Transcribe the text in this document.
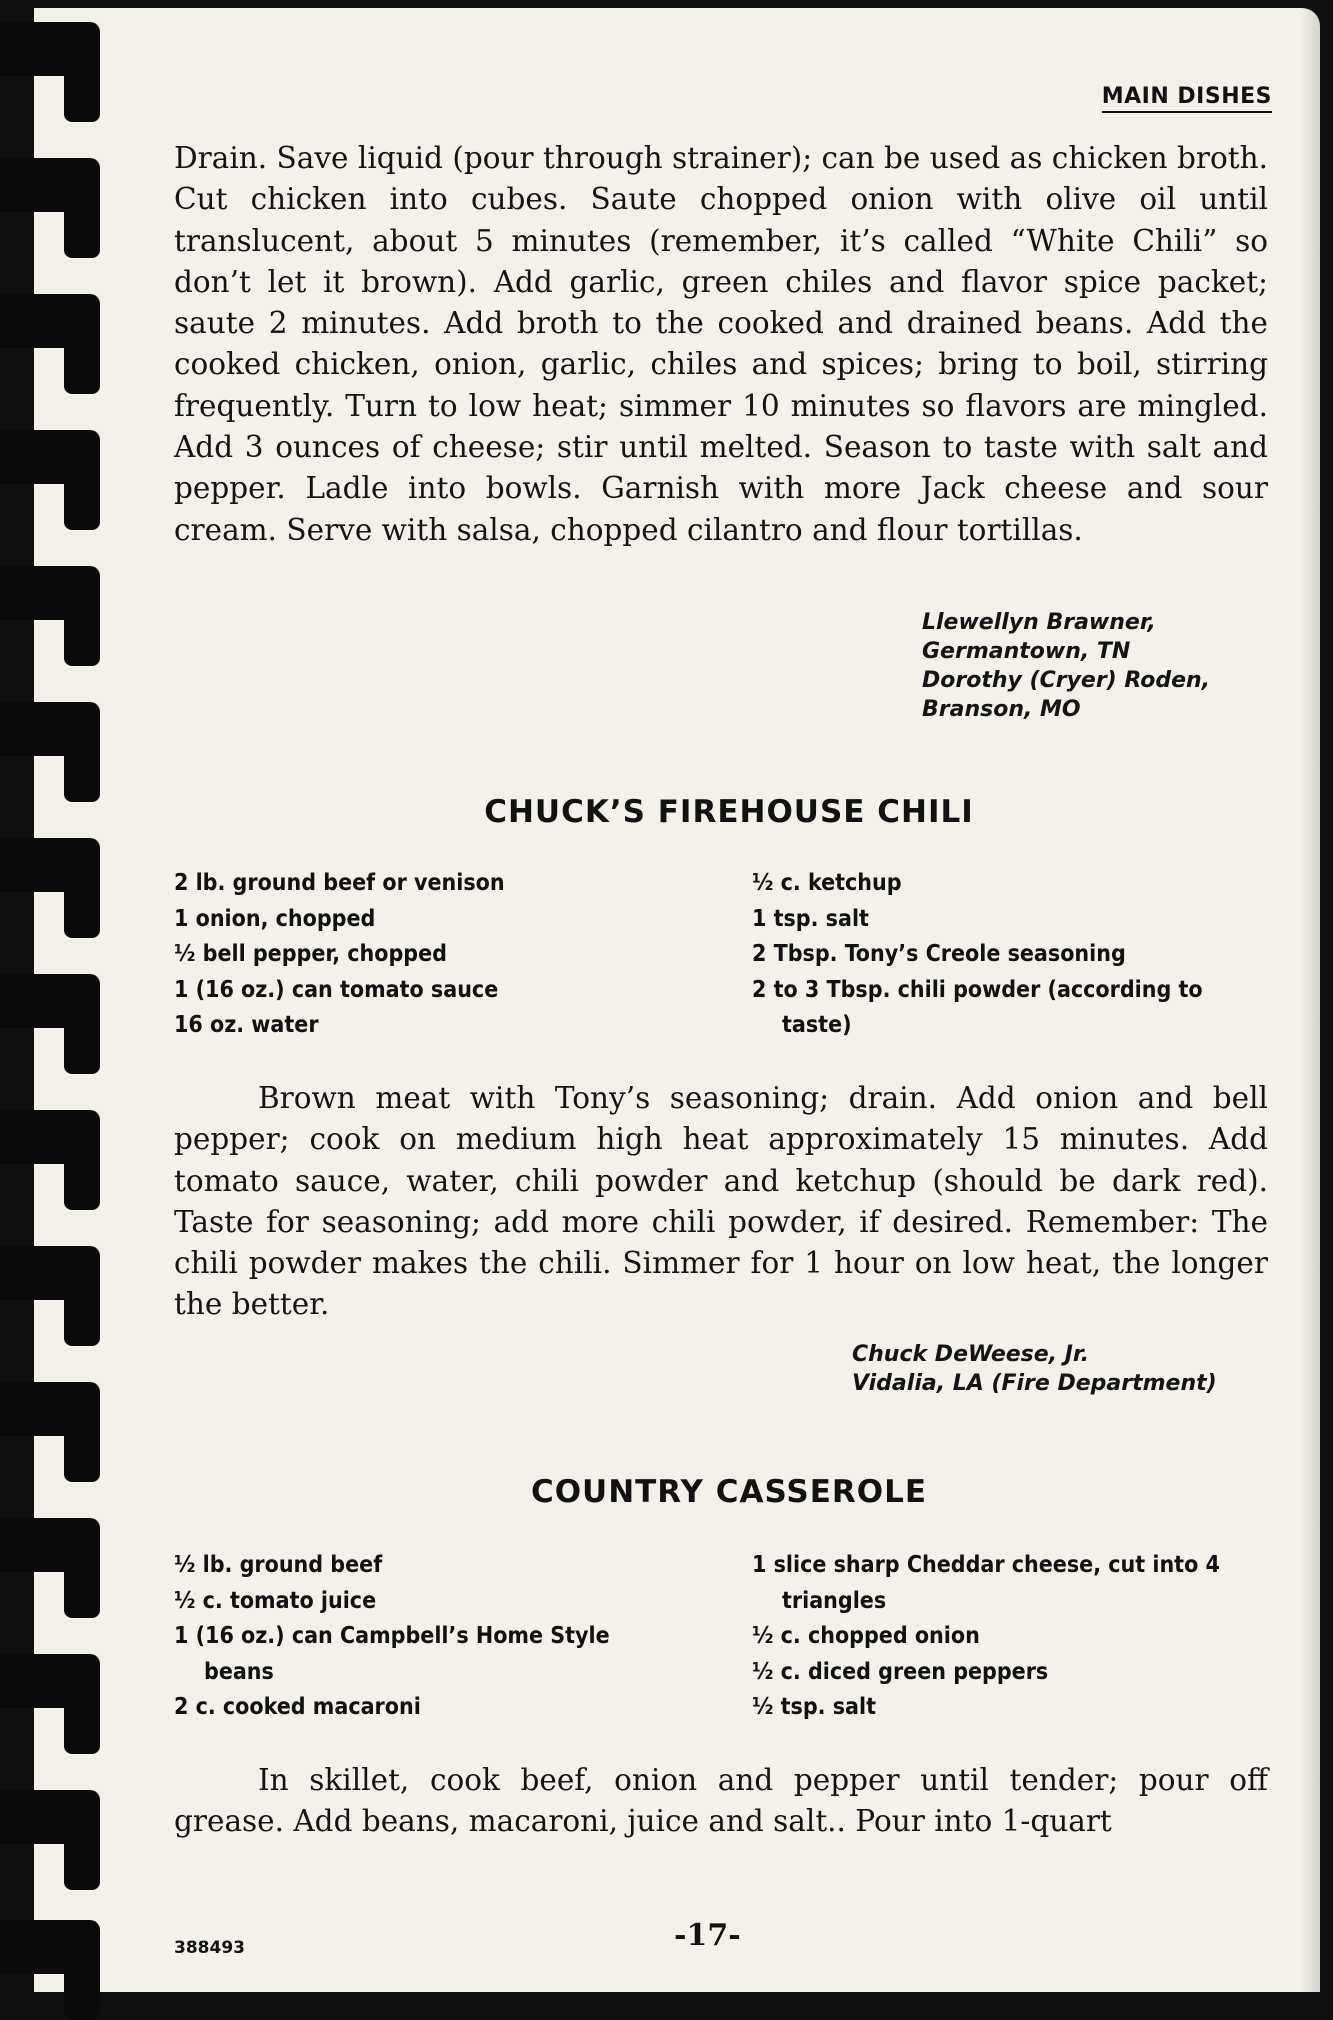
MAIN DISHES

Drain. Save liquid (pour through strainer); can be used as chicken broth. Cut chicken into cubes. Saute chopped onion with olive oil until translucent, about 5 minutes (remember, it’s called “White Chili” so don’t let it brown). Add garlic, green chiles and flavor spice packet; saute 2 minutes. Add broth to the cooked and drained beans. Add the cooked chicken, onion, garlic, chiles and spices; bring to boil, stirring frequently. Turn to low heat; simmer 10 minutes so flavors are mingled. Add 3 ounces of cheese; stir until melted. Season to taste with salt and pepper. Ladle into bowls. Garnish with more Jack cheese and sour cream. Serve with salsa, chopped cilantro and flour tortillas.

Llewellyn Brawner,
Germantown, TN
Dorothy (Cryer) Roden,
Branson, MO
CHUCK’S FIREHOUSE CHILI
2 lb. ground beef or venison
1 onion, chopped
½ bell pepper, chopped
1 (16 oz.) can tomato sauce
16 oz. water
½ c. ketchup
1 tsp. salt
2 Tbsp. Tony’s Creole seasoning
2 to 3 Tbsp. chili powder (according to taste)

Brown meat with Tony’s seasoning; drain. Add onion and bell pepper; cook on medium high heat approximately 15 minutes. Add tomato sauce, water, chili powder and ketchup (should be dark red). Taste for seasoning; add more chili powder, if desired. Remember: The chili powder makes the chili. Simmer for 1 hour on low heat, the longer the better.

Chuck DeWeese, Jr.
Vidalia, LA (Fire Department)
COUNTRY CASSEROLE
½ lb. ground beef
½ c. tomato juice
1 (16 oz.) can Campbell’s Home Style beans
2 c. cooked macaroni
1 slice sharp Cheddar cheese, cut into 4 triangles
½ c. chopped onion
½ c. diced green peppers
½ tsp. salt

In skillet, cook beef, onion and pepper until tender; pour off grease. Add beans, macaroni, juice and salt.. Pour into 1-quart

388493	-17-
